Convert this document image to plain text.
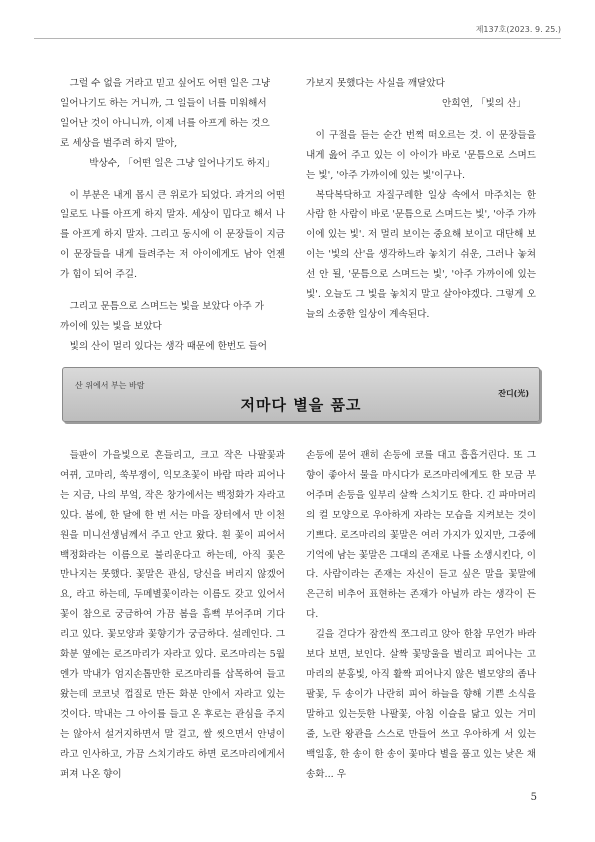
제137호(2023. 9. 25.)

그럴 수 없을 거라고 믿고 싶어도 어떤 일은 그냥

일어나기도 하는 거니까, 그 일들이 너를 미워해서

일어난 것이 아니니까, 이제 너를 아프게 하는 것으

로 세상을 벌주려 하지 말아,

박상수, 「어떤 일은 그냥 일어나기도 하지」

이 부분은 내게 몹시 큰 위로가 되었다. 과거의 어떤 일로도 나를 아프게 하지 말자. 세상이 밉다고 해서 나를 아프게 하지 말자. 그리고 동시에 이 문장들이 지금 이 문장들을 내게 들려주는 저 아이에게도 남아 언젠가 힘이 되어 주길.

그리고 문틈으로 스며드는 빛을 보았다 아주 가

까이에 있는 빛을 보았다

빛의 산이 멀리 있다는 생각 때문에 한번도 들어

가보지 못했다는 사실을 깨달았다

안희연, 「빛의 산」

이 구절을 듣는 순간 번쩍 떠오르는 것. 이 문장들을 내게 읊어 주고 있는 이 아이가 바로 '문틈으로 스며드는 빛', '아주 가까이에 있는 빛'이구나.

복닥복닥하고 자질구레한 일상 속에서 마주치는 한 사람 한 사람이 바로 '문틈으로 스며드는 빛', '아주 가까이에 있는 빛'. 저 멀리 보이는 중요해 보이고 대단해 보이는 '빛의 산'을 생각하느라 놓치기 쉬운, 그러나 놓쳐선 안 될, '문틈으로 스며드는 빛', '아주 가까이에 있는 빛'. 오늘도 그 빛을 놓치지 말고 살아야겠다. 그렇게 오늘의 소중한 일상이 계속된다.

산 위에서 부는 바람
저마다 별을 품고
잔디(光)

들판이 가을빛으로 흔들리고, 크고 작은 나팔꽃과 여뀌, 고마리, 쑥부쟁이, 익모초꽃이 바람 따라 피어나는 지금, 나의 부엌, 작은 창가에서는 백정화가 자라고 있다. 봄에, 한 달에 한 번 서는 마을 장터에서 만 이천원을 미니선생님께서 주고 안고 왔다. 흰 꽃이 피어서 백정화라는 이름으로 불리운다고 하는데, 아직 꽃은 만나지는 못했다. 꽃말은 관심, 당신을 버리지 않겠어요, 라고 하는데, 두메별꽃이라는 이름도 갖고 있어서 꽃이 참으로 궁금하여 가끔 봄을 흠뻑 부어주며 기다리고 있다. 꽃모양과 꽃향기가 궁금하다. 설레인다. 그 화분 옆에는 로즈마리가 자라고 있다. 로즈마리는 5월엔가 막내가 엄지손톱만한 로즈마리를 삽목하여 들고 왔는데 코코넛 껍질로 만든 화분 안에서 자라고 있는 것이다. 막내는 그 아이를 들고 온 후로는 관심을 주지는 않아서 설거지하면서 말 걸고, 쌀 씻으면서 안녕이라고 인사하고, 가끔 스치기라도 하면 로즈마리에게서 퍼져 나온 향이

손등에 묻어 괜히 손등에 코를 대고 흡흡거린다. 또 그 향이 좋아서 물을 마시다가 로즈마리에게도 한 모금 부어주며 손등을 잎부리 살짝 스치기도 한다. 긴 파마머리의 컬 모양으로 우아하게 자라는 모습을 지켜보는 것이 기쁘다. 로즈마리의 꽃말은 여러 가지가 있지만, 그중에 기억에 남는 꽃말은 그대의 존재로 나를 소생시킨다, 이다. 사람이라는 존재는 자신이 듣고 싶은 말을 꽃말에 은근히 비추어 표현하는 존재가 아닐까 라는 생각이 든다.

길을 걷다가 잠깐씩 쪼그리고 앉아 한참 무언가 바라보다 보면, 보인다. 살짝 꽃망울을 벌리고 피어나는 고마리의 분홍빛, 아직 활짝 피어나지 않은 별모양의 좀나팔꽃, 두 송이가 나란히 피어 하늘을 향해 기쁜 소식을 말하고 있는듯한 나팔꽃, 아침 이슬을 닮고 있는 거미줄, 노란 왕관을 스스로 만들어 쓰고 우아하게 서 있는 백일홍, 한 송이 한 송이 꽃마다 별을 품고 있는 낮은 채송화... 우

5
